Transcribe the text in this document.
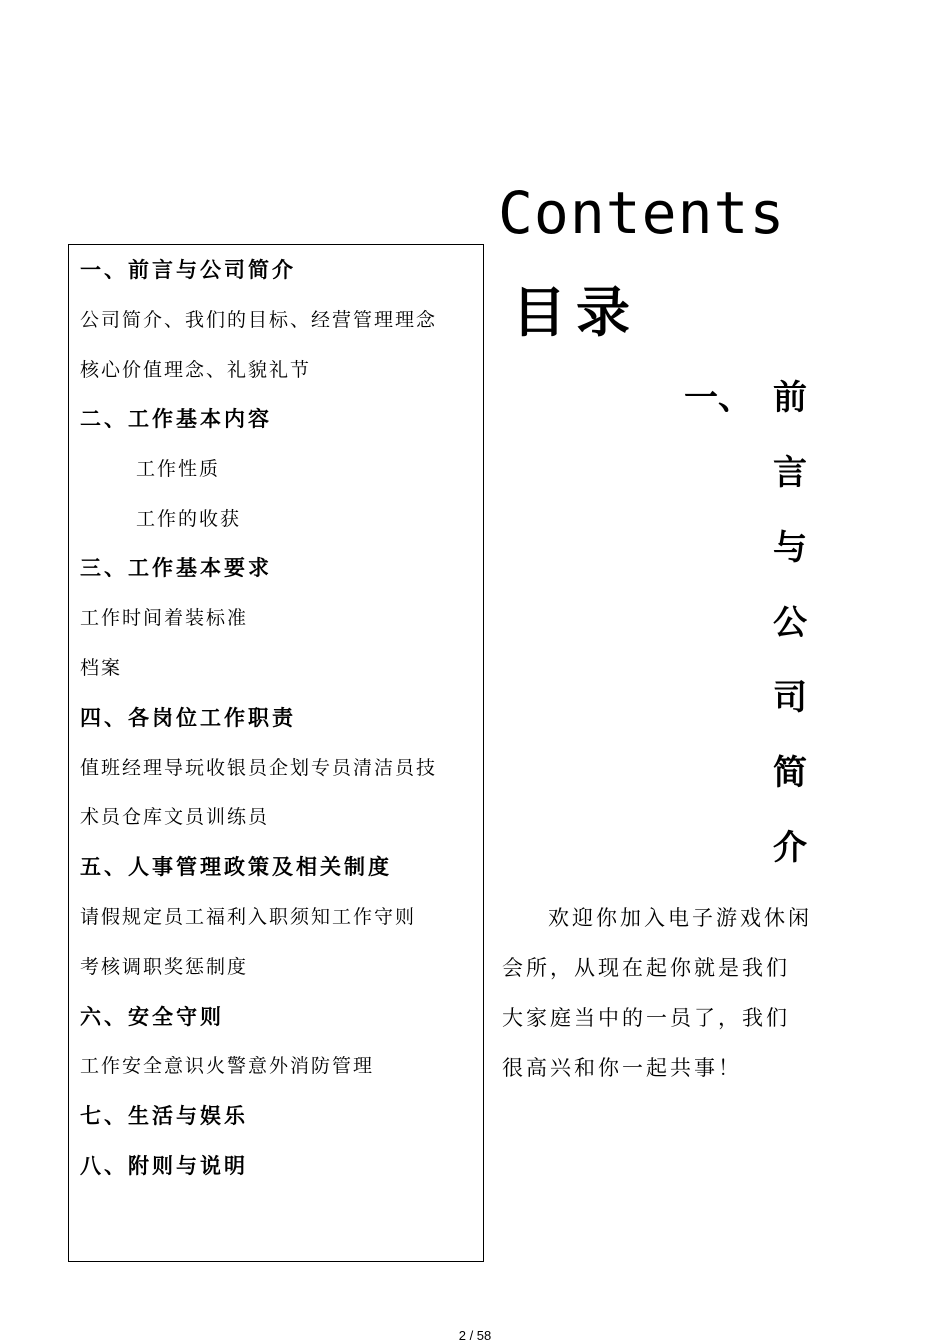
一、前言与公司简介
公司简介、我们的目标、经营管理理念
核心价值理念、礼貌礼节
二、工作基本内容
工作性质
工作的收获
三、工作基本要求
工作时间着装标准
档案
四、各岗位工作职责
值班经理导玩收银员企划专员清洁员技
术员仓库文员训练员
五、人事管理政策及相关制度
请假规定员工福利入职须知工作守则
考核调职奖惩制度
六、安全守则
工作安全意识火警意外消防管理
七、生活与娱乐
八、附则与说明
Contents
目录
一、 前
言
与
公
司
简
介

欢迎你加入电子游戏休闲会所，从现在起你就是我们大家庭当中的一员了，我们很高兴和你一起共事！

2 / 58
